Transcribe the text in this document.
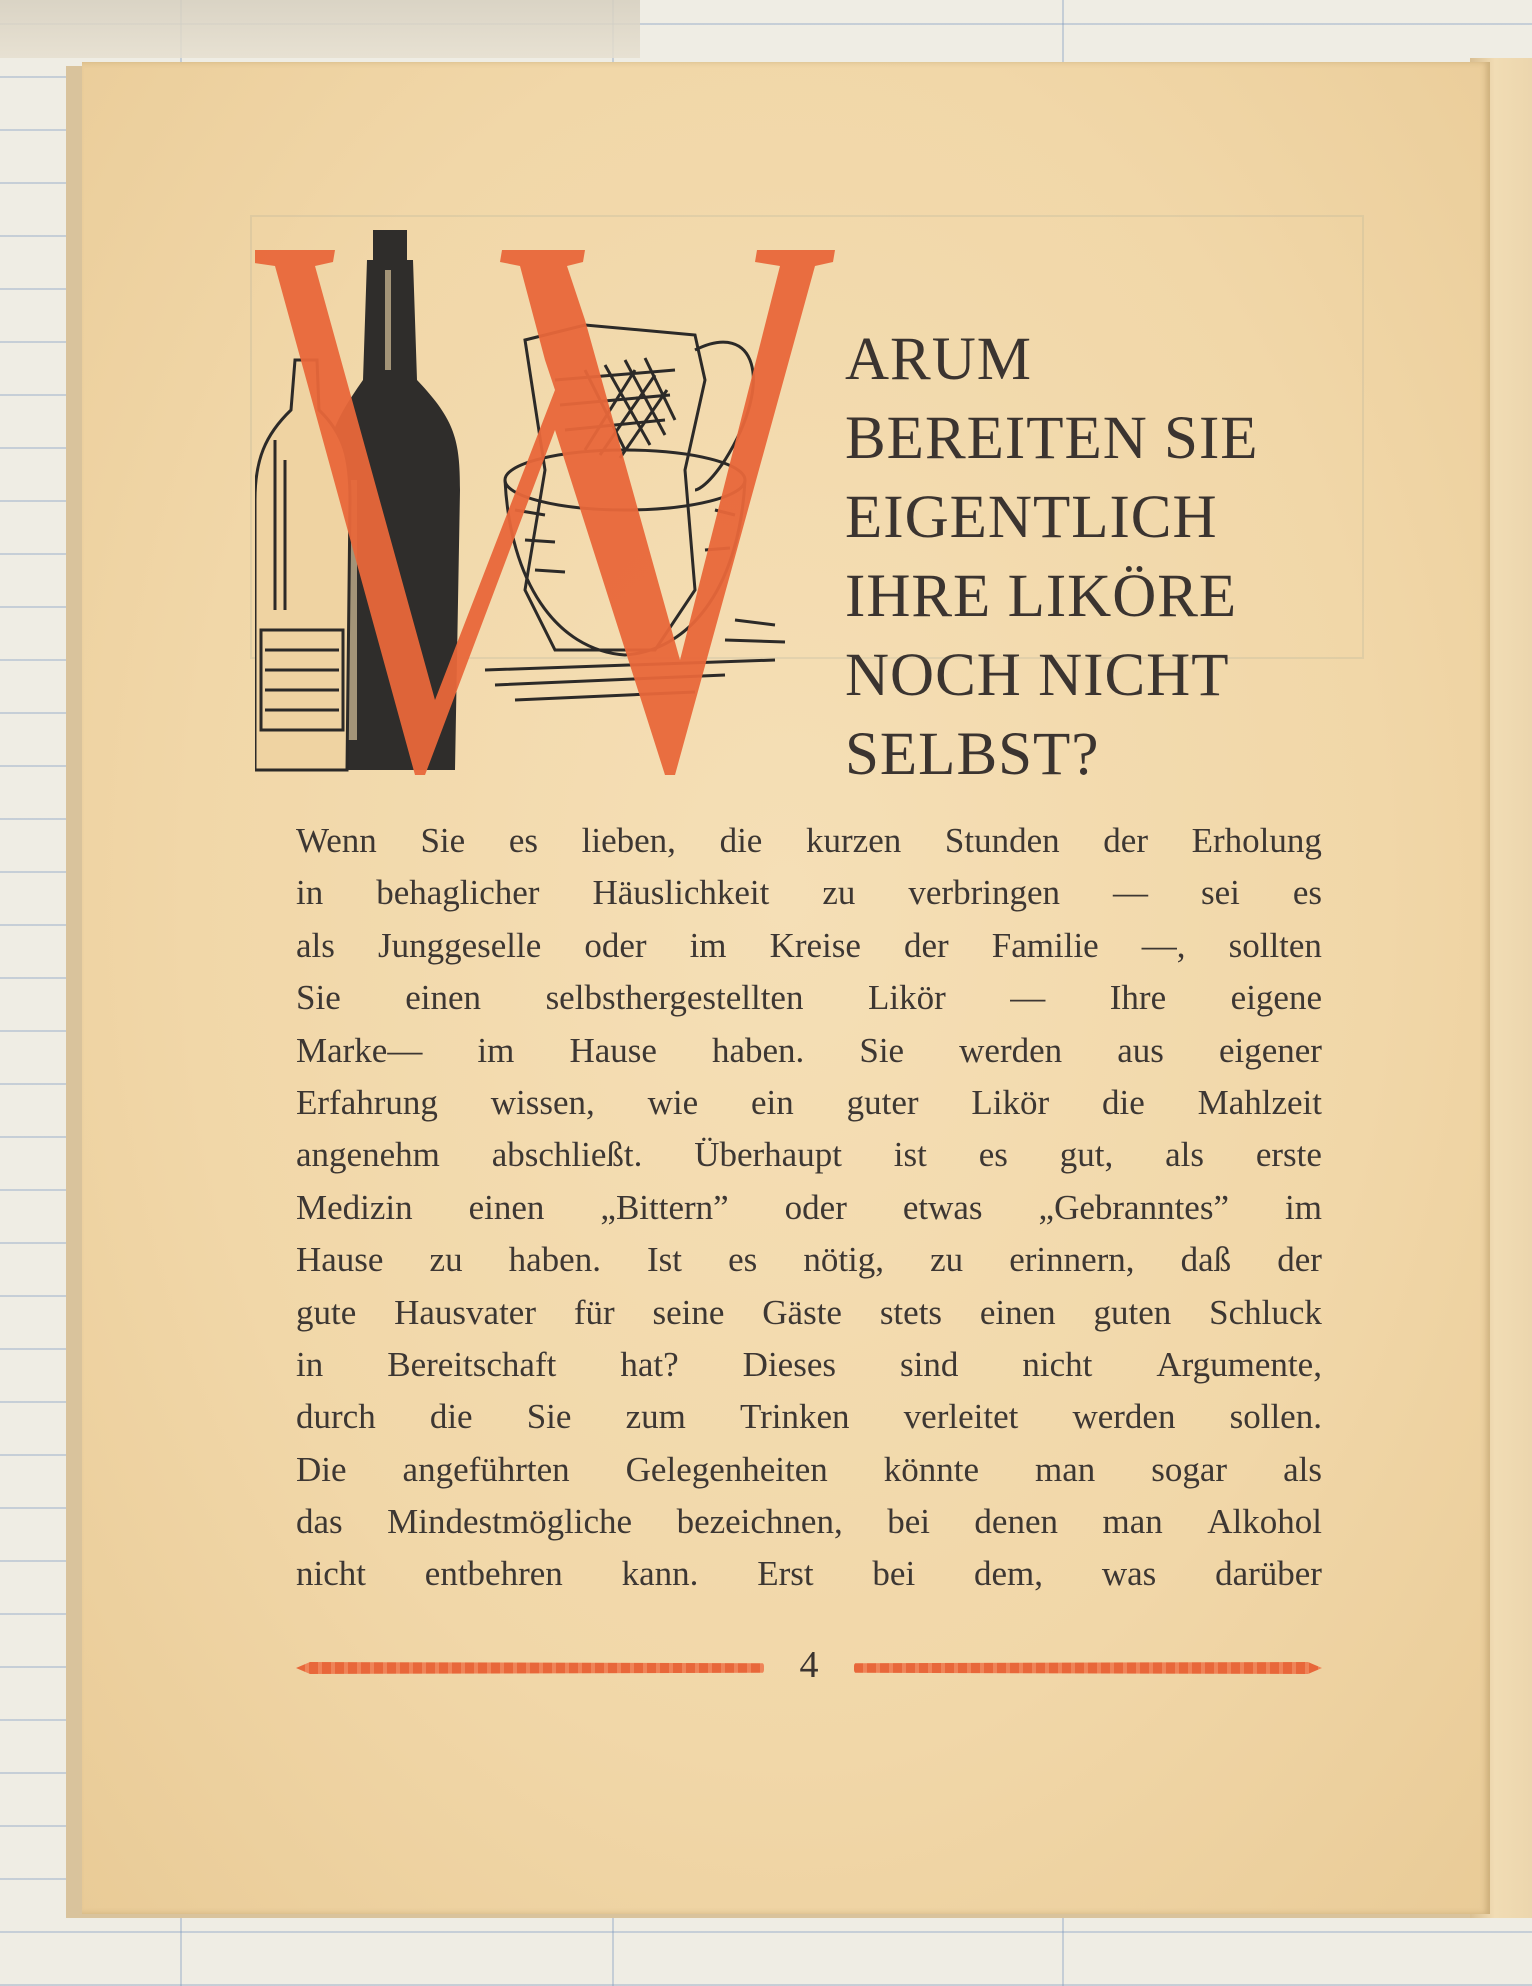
ARUM
BEREITEN SIE
EIGENTLICH
IHRE LIKÖRE
NOCH NICHT
SELBST?
Wenn Sie es lieben, die kurzen Stunden der Erholung
in behaglicher Häuslichkeit zu verbringen — sei es
als Junggeselle oder im Kreise der Familie —, sollten
Sie einen selbsthergestellten Likör — Ihre eigene
Marke— im Hause haben. Sie werden aus eigener
Erfahrung wissen, wie ein guter Likör die Mahlzeit
angenehm abschließt. Überhaupt ist es gut, als erste
Medizin einen „Bittern” oder etwas „Gebranntes” im
Hause zu haben. Ist es nötig, zu erinnern, daß der
gute Hausvater für seine Gäste stets einen guten Schluck
in Bereitschaft hat? Dieses sind nicht Argumente,
durch die Sie zum Trinken verleitet werden sollen.
Die angeführten Gelegenheiten könnte man sogar als
das Mindestmögliche bezeichnen, bei denen man Alkohol
nicht entbehren kann. Erst bei dem, was darüber
4
